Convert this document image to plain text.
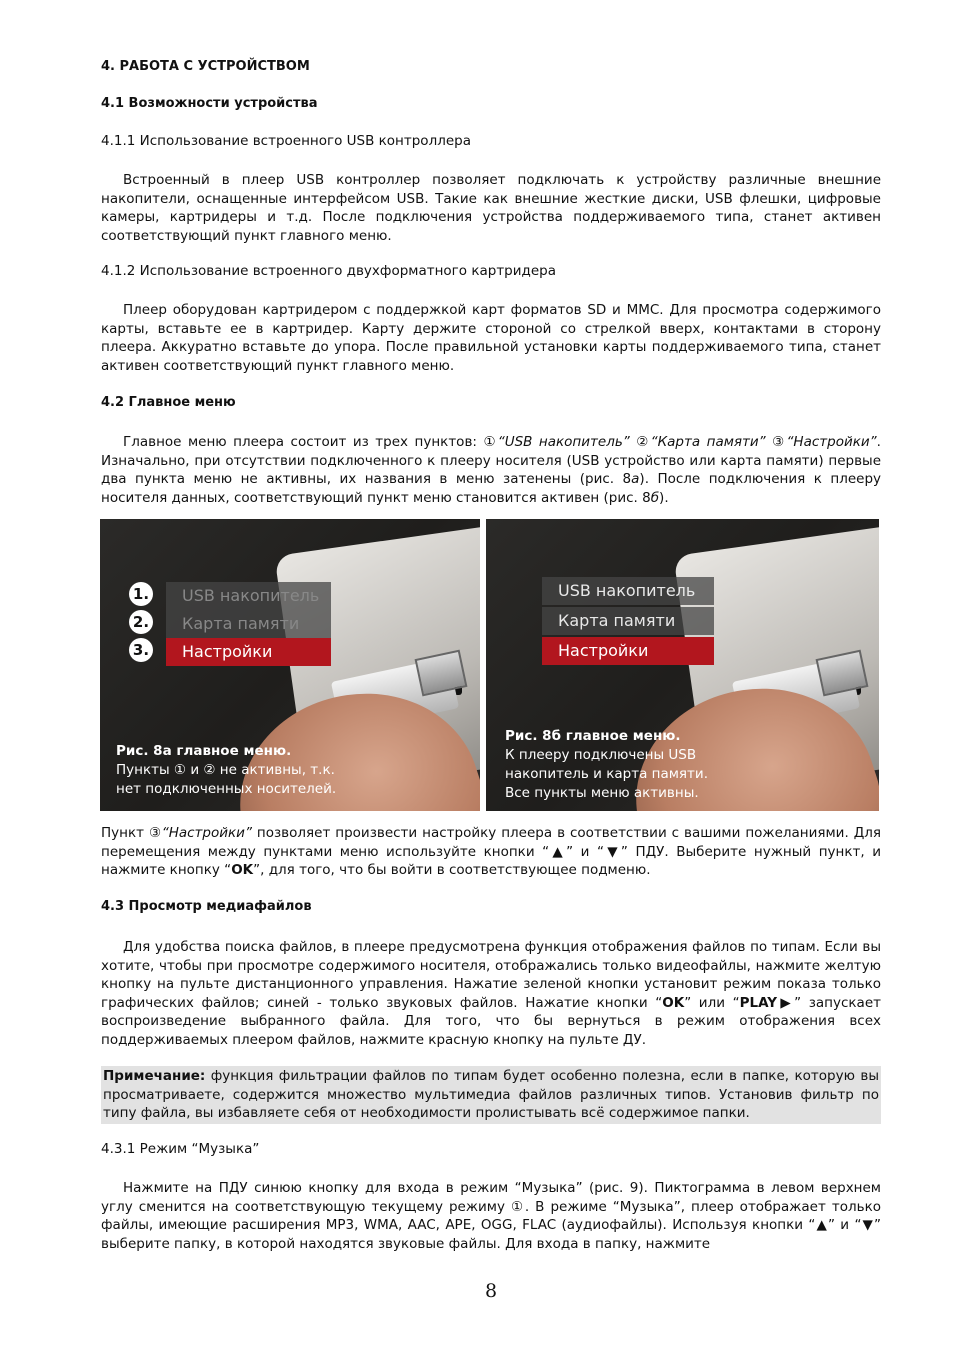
4. РАБОТА С УСТРОЙСТВОМ
4.1 Возможности устройства
4.1.1 Использование встроенного USB контроллера

Встроенный в плеер USB контроллер позволяет подключать к устройству различные внешние накопители, оснащенные интерфейсом USB. Такие как внешние жесткие диски, USB флешки, цифровые камеры, картридеры и т.д. После подключения устройства поддерживаемого типа, станет активен соответствующий пункт главного меню.

4.1.2 Использование встроенного двухформатного картридера

Плеер оборудован картридером с поддержкой карт форматов SD и MMC. Для просмотра содержимого карты, вставьте ее в картридер. Карту держите стороной со стрелкой вверх, контактами в сторону плеера. Аккуратно вставьте до упора. После правильной установки карты поддерживаемого типа, станет активен соответствующий пункт главного меню.

4.2 Главное меню

Главное меню плеера состоит из трех пунктов: ①“USB накопитель” ②“Карта памяти” ③“Настройки”. Изначально, при отсутствии подключенного к плееру носителя (USB устройство или карта памяти) первые два пункта меню не активны, их названия в меню затенены (рис. 8а). После подключения к плееру носителя данных, соответствующий пункт меню становится активен (рис. 8б).

USB накопитель
Карта памяти
Настройки
1.
2.
3.
Рис. 8а главное меню.
Пункты ① и ② не активны, т.к.
нет подключенных носителей.
USB накопитель
Карта памяти
Настройки
Рис. 8б главное меню.
К плееру подключены USB
накопитель и карта памяти.
Все пункты меню активны.

Пункт ③“Настройки” позволяет произвести настройку плеера в соответствии с вашими пожеланиями. Для перемещения между пунктами меню используйте кнопки “▲” и “▼” ПДУ. Выберите нужный пункт, и нажмите кнопку “OK”, для того, что бы войти в соответствующее подменю.

4.3 Просмотр медиафайлов

Для удобства поиска файлов, в плеере предусмотрена функция отображения файлов по типам. Если вы хотите, чтобы при просмотре содержимого носителя, отображались только видеофайлы, нажмите желтую кнопку на пульте дистанционного управления. Нажатие зеленой кнопки установит режим показа только графических файлов; синей - только звуковых файлов. Нажатие кнопки “OK” или “PLAY▶” запускает воспроизведение выбранного файла. Для того, что бы вернуться в режим отображения всех поддерживаемых плеером файлов, нажмите красную кнопку на пульте ДУ.

Примечание: функция фильтрации файлов по типам будет особенно полезна, если в папке, которую вы просматриваете, содержится множество мультимедиа файлов различных типов. Установив фильтр по типу файла, вы избавляете себя от необходимости пролистывать всё содержимое папки.
4.3.1 Режим “Музыка”

Нажмите на ПДУ синюю кнопку для входа в режим “Музыка” (рис. 9). Пиктограмма в левом верхнем углу сменится на соответствующую текущему режиму ①. В режиме “Музыка”, плеер отображает только файлы, имеющие расширения MP3, WMA, AAC, APE, OGG, FLAC (аудиофайлы). Используя кнопки “▲” и “▼” выберите папку, в которой находятся звуковые файлы. Для входа в папку, нажмите

8
